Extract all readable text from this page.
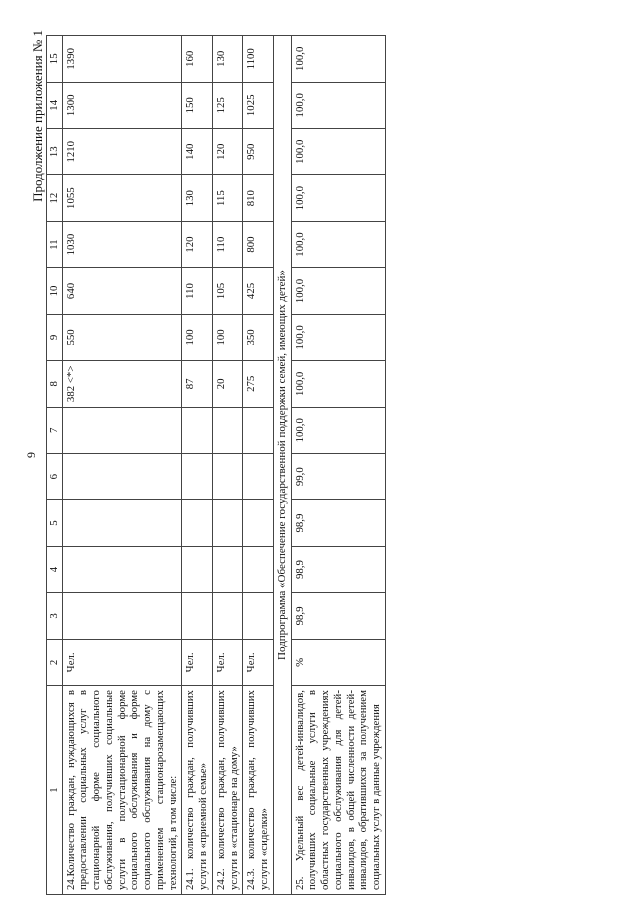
9
Продолжение приложения № 1
1	2	3	4	5	6	7	8	9	10	11	12	13	14	15
24.Количество граждан, нуждающихся в предоставлении социальных услуг в стационарной форме социального обслуживания, получивших социальные услуги в полустационарной форме социального обслуживания и форме социального обслуживания на дому с применением стационарозамещающих технологий, в том числе:	Чел.						382 <*>	550	640	1030	1055	1210	1300	1390
24.1. количество граждан, получивших услуги в «приемной семье»	Чел.						87	100	110	120	130	140	150	160
24.2. количество граждан, получивших услуги в «стационаре на дому»	Чел.						20	100	105	110	115	120	125	130
24.3. количество граждан, получивших услуги «сиделки»	Чел.						275	350	425	800	810	950	1025	1100
Подпрограмма «Обеспечение государственной поддержки семей, имеющих детей»														
25. Удельный вес детей-инвалидов, получивших социальные услуги в областных государственных учреждениях социального обслуживания для детей-инвалидов, в общей численности детей-инвалидов, обратившихся за получением социальных услуг в данные учреждения	%	98,9	98,9	98,9	99,0	100,0	100,0	100,0	100,0	100,0	100,0	100,0	100,0	100,0
